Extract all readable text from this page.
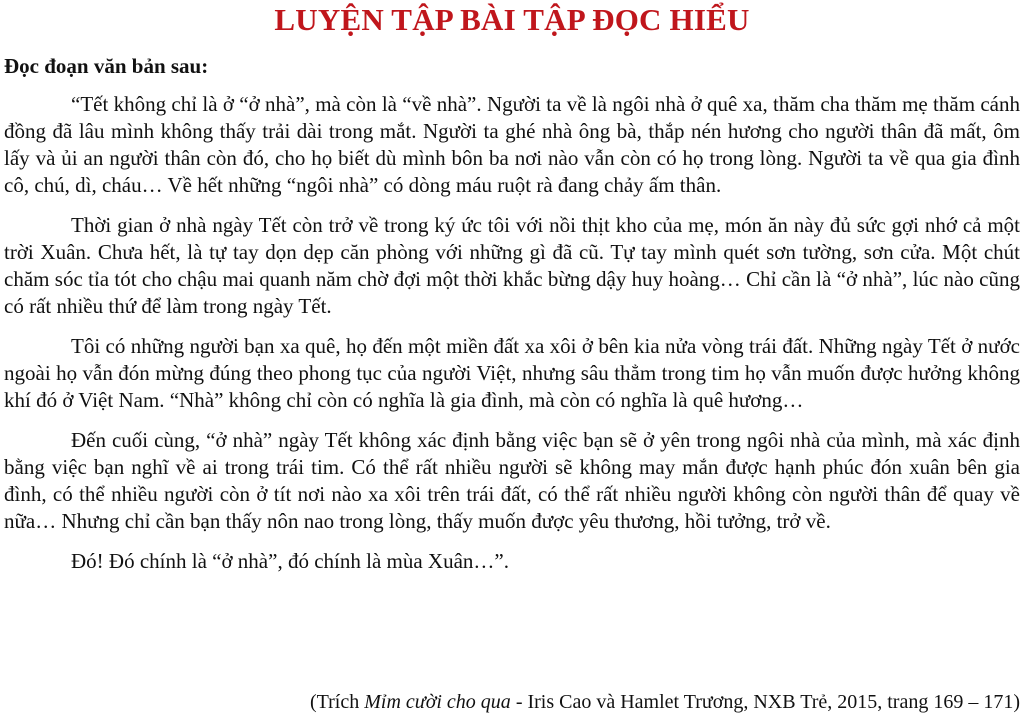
LUYỆN TẬP BÀI TẬP ĐỌC HIỂU
Đọc đoạn văn bản sau:

“Tết không chỉ là ở “ở nhà”, mà còn là “về nhà”. Người ta về là ngôi nhà ở quê xa, thăm cha thăm mẹ thăm cánh đồng đã lâu mình không thấy trải dài trong mắt. Người ta ghé nhà ông bà, thắp nén hương cho người thân đã mất, ôm lấy và ủi an người thân còn đó, cho họ biết dù mình bôn ba nơi nào vẫn còn có họ trong lòng. Người ta về qua gia đình cô, chú, dì, cháu… Về hết những “ngôi nhà” có dòng máu ruột rà đang chảy ấm thân.

Thời gian ở nhà ngày Tết còn trở về trong ký ức tôi với nồi thịt kho của mẹ, món ăn này đủ sức gợi nhớ cả một trời Xuân. Chưa hết, là tự tay dọn dẹp căn phòng với những gì đã cũ. Tự tay mình quét sơn tường, sơn cửa. Một chút chăm sóc tỉa tót cho chậu mai quanh năm chờ đợi một thời khắc bừng dậy huy hoàng… Chỉ cần là “ở nhà”, lúc nào cũng có rất nhiều thứ để làm trong ngày Tết.

Tôi có những người bạn xa quê, họ đến một miền đất xa xôi ở bên kia nửa vòng trái đất. Những ngày Tết ở nước ngoài họ vẫn đón mừng đúng theo phong tục của người Việt, nhưng sâu thẳm trong tim họ vẫn muốn được hưởng không khí đó ở Việt Nam. “Nhà” không chỉ còn có nghĩa là gia đình, mà còn có nghĩa là quê hương…

Đến cuối cùng, “ở nhà” ngày Tết không xác định bằng việc bạn sẽ ở yên trong ngôi nhà của mình, mà xác định bằng việc bạn nghĩ về ai trong trái tim. Có thể rất nhiều người sẽ không may mắn được hạnh phúc đón xuân bên gia đình, có thể nhiều người còn ở tít nơi nào xa xôi trên trái đất, có thể rất nhiều người không còn người thân để quay về nữa… Nhưng chỉ cần bạn thấy nôn nao trong lòng, thấy muốn được yêu thương, hồi tưởng, trở về.

Đó! Đó chính là “ở nhà”, đó chính là mùa Xuân…”.

(Trích Mỉm cười cho qua - Iris Cao và Hamlet Trương, NXB Trẻ, 2015, trang 169 – 171)
